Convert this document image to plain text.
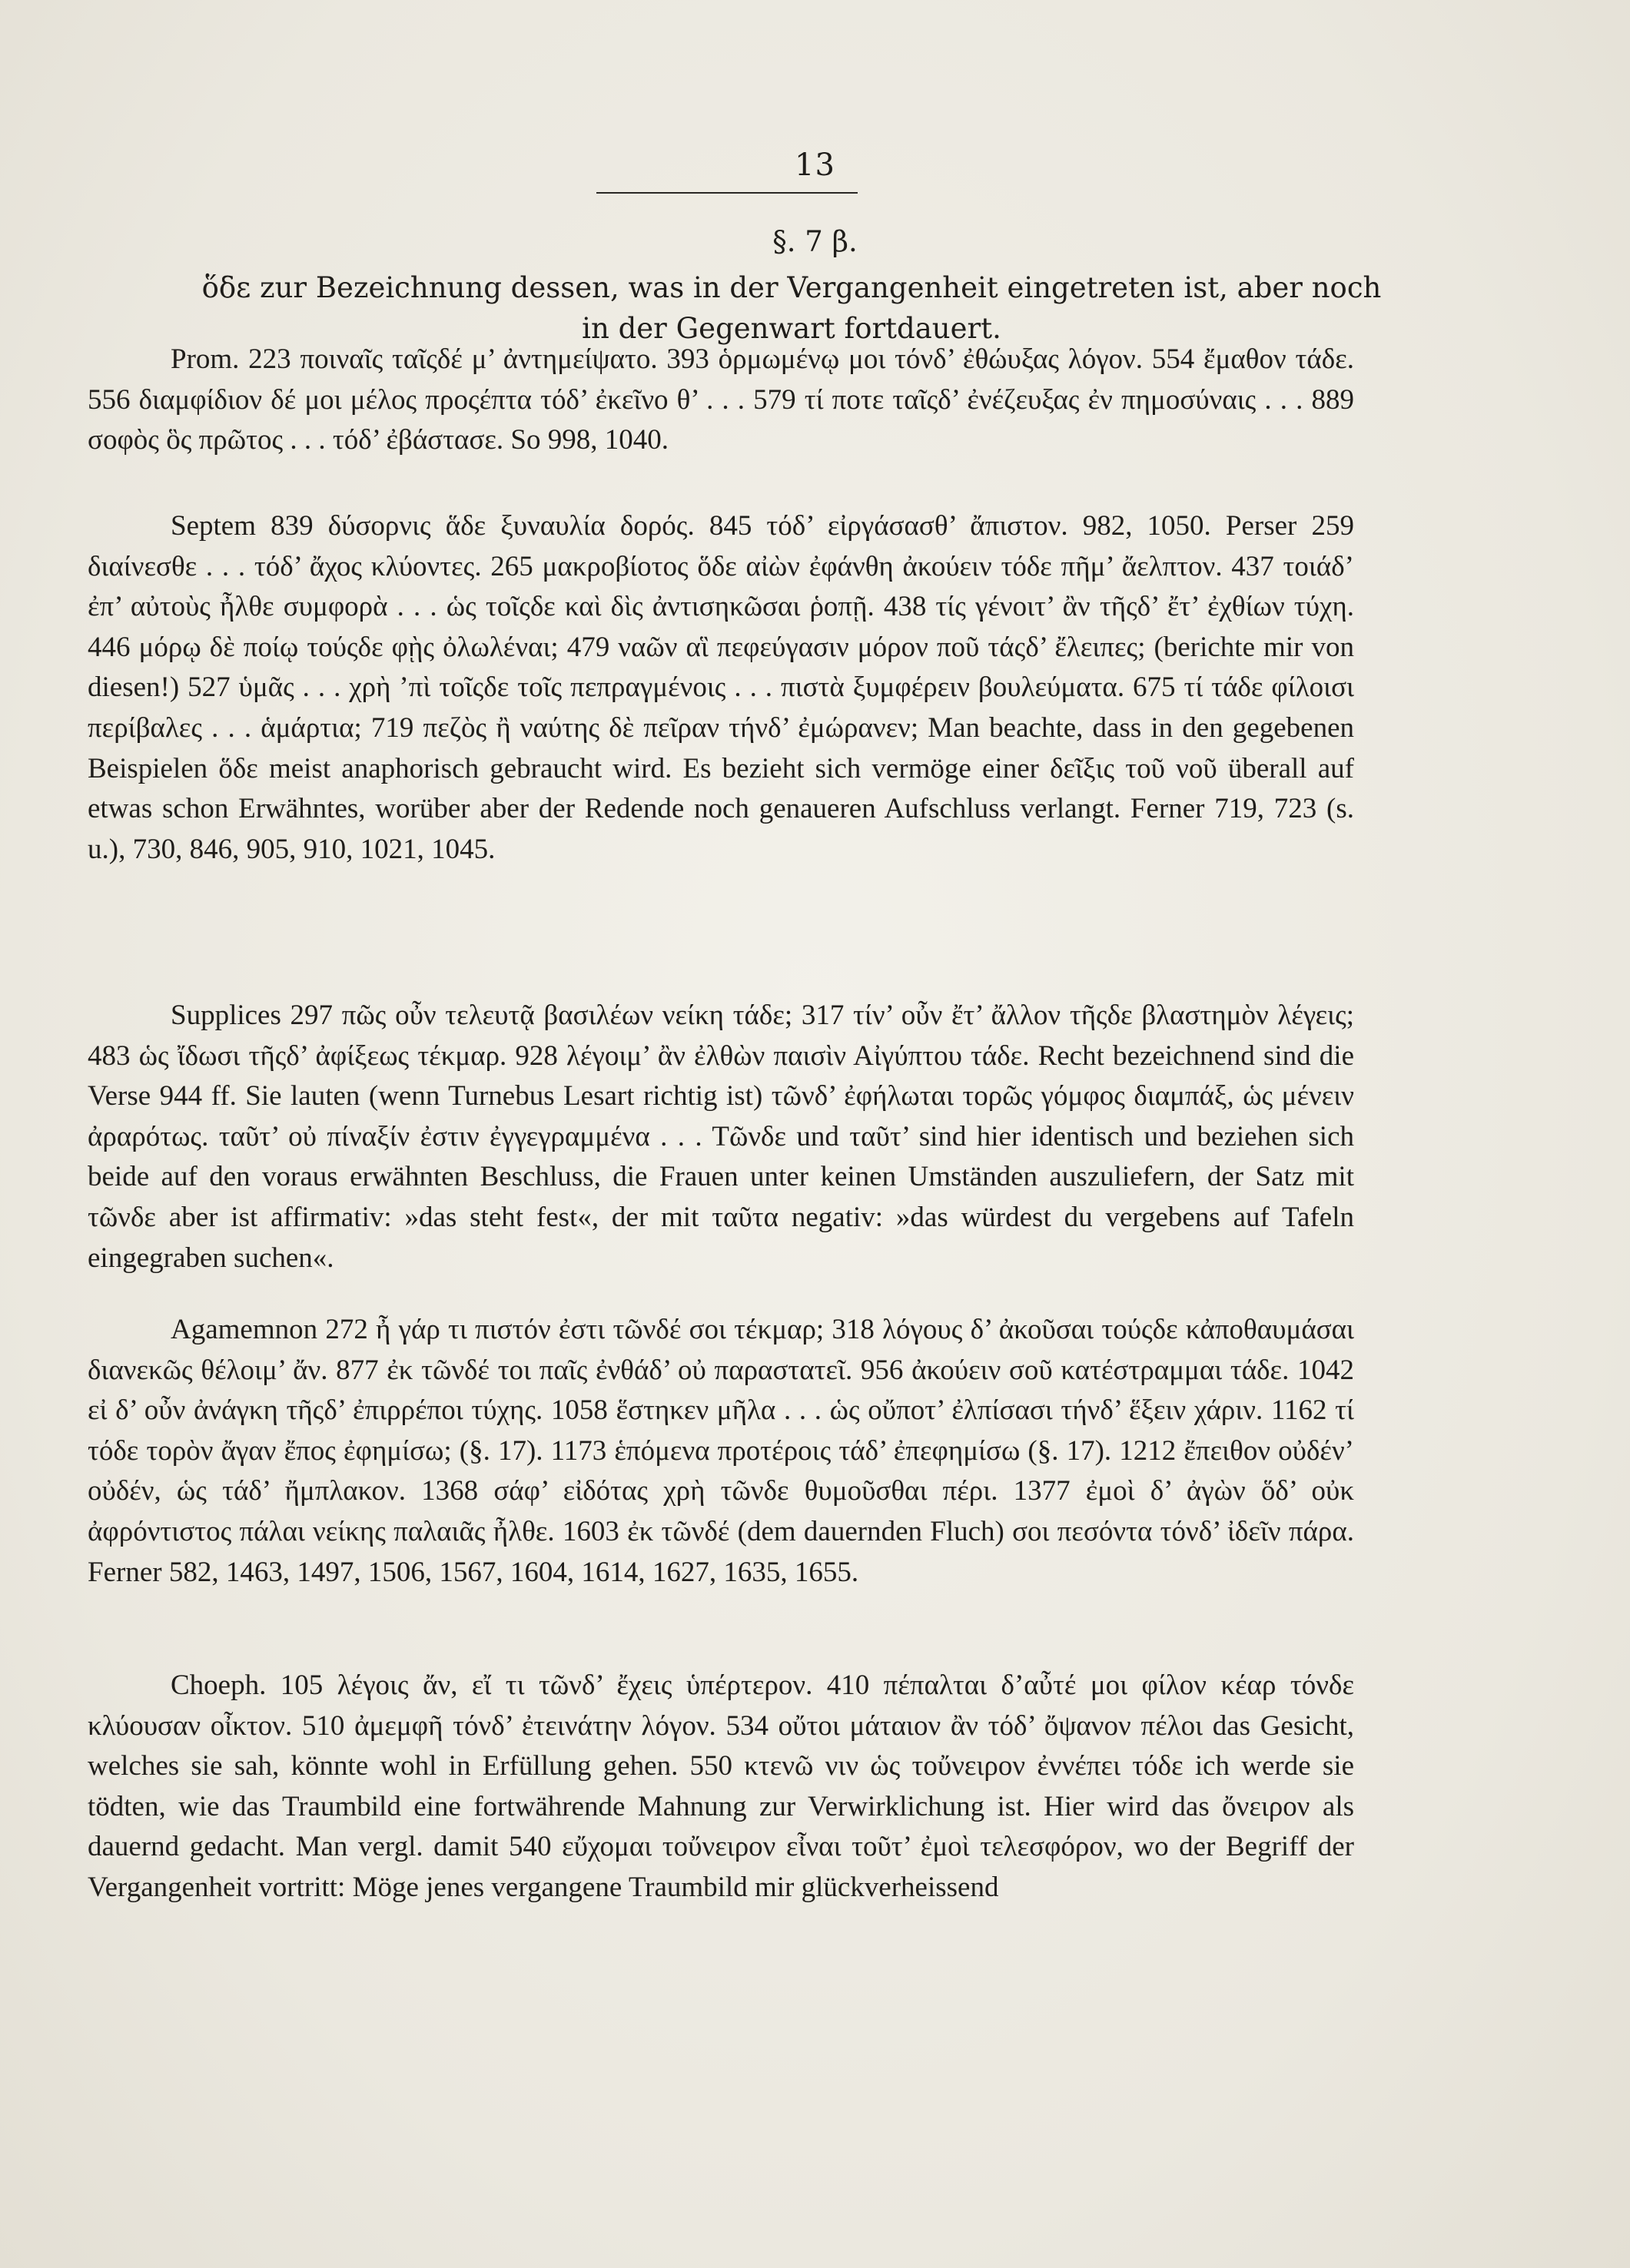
13
§. 7 β.
ὅδε zur Bezeichnung dessen, was in der Vergangenheit eingetreten ist, aber noch in der Gegenwart fortdauert.
Prom. 223 ποιναῖς ταῖςδέ μ’ ἀντημείψατο. 393 ὁρμωμένῳ μοι τόνδ’ ἐθώυξας λόγον. 554 ἔμαθον τάδε. 556 διαμφίδιον δέ μοι μέλος προςέπτα τόδ’ ἐκεῖνο θ’ . . . 579 τί ποτε ταῖςδ’ ἐνέζευξας ἐν πημοσύναις . . . 889 σοφὸς ὃς πρῶτος . . . τόδ’ ἐβάστασε. So 998, 1040.
Septem 839 δύσορνις ἅδε ξυναυλία δορός. 845 τόδ’ εἰργάσασθ’ ἄπιστον. 982, 1050. Perser 259 διαίνεσθε . . . τόδ’ ἄχος κλύοντες. 265 μακροβίοτος ὅδε αἰὼν ἐφάνθη ἀκούειν τόδε πῆμ’ ἄελπτον. 437 τοιάδ’ ἐπ’ αὐτοὺς ἦλθε συμφορὰ . . . ὡς τοῖςδε καὶ δὶς ἀντισηκῶσαι ῥοπῇ. 438 τίς γένοιτ’ ἂν τῆςδ’ ἔτ’ ἐχθίων τύχη. 446 μόρῳ δὲ ποίῳ τούςδε φῂς ὀλωλέναι; 479 ναῶν αἳ πεφεύγασιν μόρον ποῦ τάςδ’ ἔλειπες; (berichte mir von diesen!) 527 ὑμᾶς . . . χρὴ ’πὶ τοῖςδε τοῖς πεπραγμένοις . . . πιστὰ ξυμφέρειν βουλεύματα. 675 τί τάδε φίλοισι περίβαλες . . . ἁμάρτια; 719 πεζὸς ἢ ναύτης δὲ πεῖραν τήνδ’ ἐμώρανεν; Man beachte, dass in den gegebenen Beispielen ὅδε meist anaphorisch gebraucht wird. Es bezieht sich vermöge einer δεῖξις τοῦ νοῦ überall auf etwas schon Erwähntes, worüber aber der Redende noch genaueren Aufschluss verlangt. Ferner 719, 723 (s. u.), 730, 846, 905, 910, 1021, 1045.
Supplices 297 πῶς οὖν τελευτᾷ βασιλέων νείκη τάδε; 317 τίν’ οὖν ἔτ’ ἄλλον τῆςδε βλαστημὸν λέγεις; 483 ὡς ἴδωσι τῆςδ’ ἀφίξεως τέκμαρ. 928 λέγοιμ’ ἂν ἐλθὼν παισὶν Αἰγύπτου τάδε. Recht bezeichnend sind die Verse 944 ff. Sie lauten (wenn Turnebus Lesart richtig ist) τῶνδ’ ἐφήλωται τορῶς γόμφος διαμπάξ, ὡς μένειν ἀραρότως. ταῦτ’ οὐ πίναξίν ἐστιν ἐγγεγραμμένα . . . Τῶνδε und ταῦτ’ sind hier identisch und beziehen sich beide auf den voraus erwähnten Beschluss, die Frauen unter keinen Umständen auszuliefern, der Satz mit τῶνδε aber ist affirmativ: »das steht fest«, der mit ταῦτα negativ: »das würdest du vergebens auf Tafeln eingegraben suchen«.
Agamemnon 272 ἦ γάρ τι πιστόν ἐστι τῶνδέ σοι τέκμαρ; 318 λόγους δ’ ἀκοῦσαι τούςδε κἀποθαυμάσαι διανεκῶς θέλοιμ’ ἄν. 877 ἐκ τῶνδέ τοι παῖς ἐνθάδ’ οὐ παραστατεῖ. 956 ἀκούειν σοῦ κατέστραμμαι τάδε. 1042 εἰ δ’ οὖν ἀνάγκη τῆςδ’ ἐπιρρέποι τύχης. 1058 ἕστηκεν μῆλα . . . ὡς οὔποτ’ ἐλπίσασι τήνδ’ ἕξειν χάριν. 1162 τί τόδε τορὸν ἄγαν ἔπος ἐφημίσω; (§. 17). 1173 ἑπόμενα προτέροις τάδ’ ἐπεφημίσω (§. 17). 1212 ἔπειθον οὐδέν’ οὐδέν, ὡς τάδ’ ἤμπλακον. 1368 σάφ’ εἰδότας χρὴ τῶνδε θυμοῦσθαι πέρι. 1377 ἐμοὶ δ’ ἀγὼν ὅδ’ οὐκ ἀφρόντιστος πάλαι νείκης παλαιᾶς ἦλθε. 1603 ἐκ τῶνδέ (dem dauernden Fluch) σοι πεσόντα τόνδ’ ἰδεῖν πάρα. Ferner 582, 1463, 1497, 1506, 1567, 1604, 1614, 1627, 1635, 1655.
Choeph. 105 λέγοις ἄν, εἴ τι τῶνδ’ ἔχεις ὑπέρτερον. 410 πέπαλται δ’αὖτέ μοι φίλον κέαρ τόνδε κλύουσαν οἶκτον. 510 ἀμεμφῆ τόνδ’ ἐτεινάτην λόγον. 534 οὔτοι μάταιον ἂν τόδ’ ὄψανον πέλοι das Gesicht, welches sie sah, könnte wohl in Erfüllung gehen. 550 κτενῶ νιν ὡς τοὔνειρον ἐννέπει τόδε ich werde sie tödten, wie das Traumbild eine fortwährende Mahnung zur Verwirklichung ist. Hier wird das ὄνειρον als dauernd gedacht. Man vergl. damit 540 εὔχομαι τοὔνειρον εἶναι τοῦτ’ ἐμοὶ τελεσφόρον, wo der Begriff der Vergangenheit vortritt: Möge jenes vergangene Traumbild mir glückverheissend
